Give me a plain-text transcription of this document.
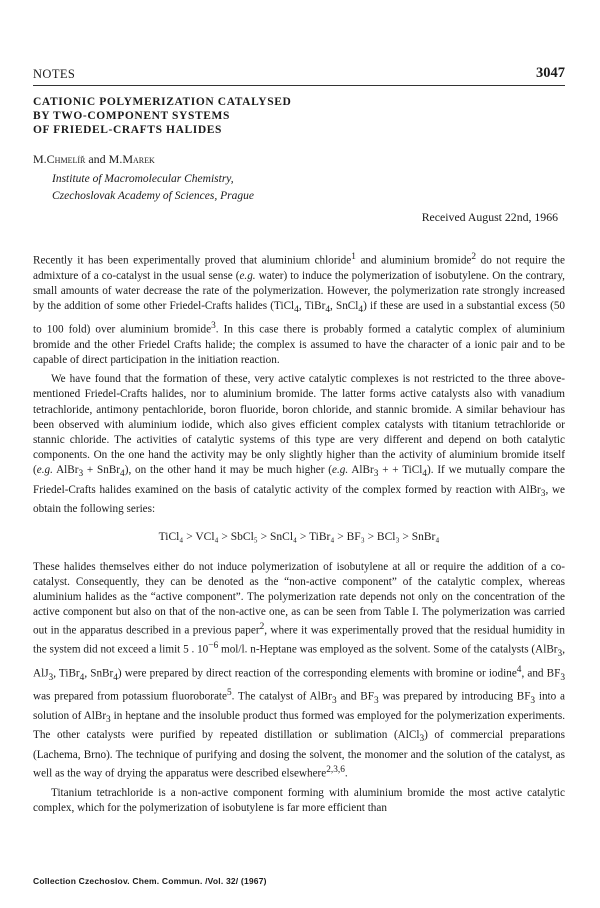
NOTES	3047
CATIONIC POLYMERIZATION CATALYSED
BY TWO-COMPONENT SYSTEMS
OF FRIEDEL-CRAFTS HALIDES
M.Chmelíř and M.Marek
Institute of Macromolecular Chemistry,
Czechoslovak Academy of Sciences, Prague
Received August 22nd, 1966

Recently it has been experimentally proved that aluminium chloride$^1$ and aluminium bromide$^2$ do not require the admixture of a co-catalyst in the usual sense (e.g. water) to induce the polymerization of isobutylene. On the contrary, small amounts of water decrease the rate of the polymerization. However, the polymerization rate strongly increased by the addition of some other Friedel-Crafts halides (TiCl$_4$, TiBr$_4$, SnCl$_4$) if these are used in a substantial excess (50 to 100 fold) over aluminium bromide$^3$. In this case there is probably formed a catalytic complex of aluminium bromide and the other Friedel Crafts halide; the complex is assumed to have the character of a ionic pair and to be capable of direct participation in the initiation reaction.

We have found that the formation of these, very active catalytic complexes is not restricted to the three above-mentioned Friedel-Crafts halides, nor to aluminium bromide. The latter forms active catalysts also with vanadium tetrachloride, antimony pentachloride, boron fluoride, boron chloride, and stannic bromide. A similar behaviour has been observed with aluminium iodide, which also gives efficient complex catalysts with titanium tetrachloride or stannic chloride. The activities of catalytic systems of this type are very different and depend on both catalytic components. On the one hand the activity may be only slightly higher than the activity of aluminium bromide itself (e.g. AlBr$_3$ + SnBr$_4$), on the other hand it may be much higher (e.g. AlBr$_3$ + + TiCl$_4$). If we mutually compare the Friedel-Crafts halides examined on the basis of catalytic activity of the complex formed by reaction with AlBr$_3$, we obtain the following series:

TiCl₄ > VCl₄ > SbCl₅ > SnCl₄ > TiBr₄ > BF₃ > BCl₃ > SnBr₄

These halides themselves either do not induce polymerization of isobutylene at all or require the addition of a co-catalyst. Consequently, they can be denoted as the “non-active component” of the catalytic complex, whereas aluminium halides as the “active component”. The polymerization rate depends not only on the concentration of the active component but also on that of the non-active one, as can be seen from Table I. The polymerization was carried out in the apparatus described in a previous paper$^2$, where it was experimentally proved that the residual humidity in the system did not exceed a limit 5 . $10^{-6}$ mol/l. n-Heptane was employed as the solvent. Some of the catalysts (AlBr$_3$, AlJ$_3$, TiBr$_4$, SnBr$_4$) were prepared by direct reaction of the corresponding elements with bromine or iodine$^4$, and $BF_3$ was prepared from potassium fluoroborate$^5$. The catalyst of AlBr$_3$ and $BF_3$ was prepared by introducing $BF_3$ into a solution of AlBr$_3$ in heptane and the insoluble product thus formed was employed for the polymerization experiments. The other catalysts were purified by repeated distillation or sublimation (AlCl$_3$) of commercial preparations (Lachema, Brno). The technique of purifying and dosing the solvent, the monomer and the solution of the catalyst, as well as the way of drying the apparatus were described elsewhere$^{2,3,6}$.

Titanium tetrachloride is a non-active component forming with aluminium bromide the most active catalytic complex, which for the polymerization of isobutylene is far more efficient than

Collection Czechoslov. Chem. Commun. /Vol. 32/ (1967)
